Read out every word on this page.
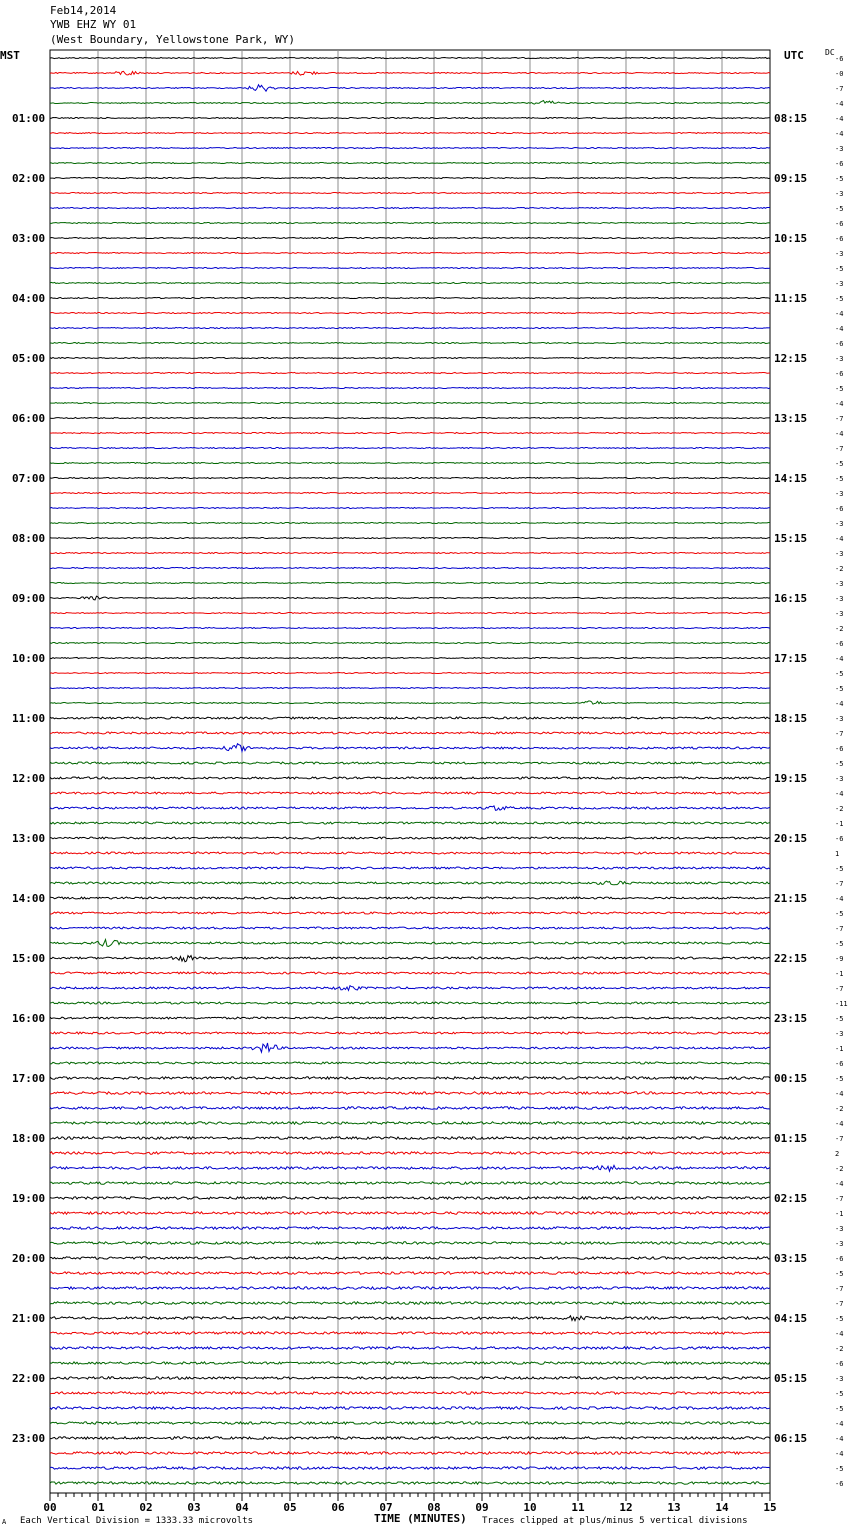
Feb14,2014
YWB EHZ WY 01
(West Boundary, Yellowstone Park, WY)
MST	UTC	DC
-6
-0
-7
-4
-4
-4
-3
-6
-5
-3
-5
-6
-6
-3
-5
-3
-5
-4
-4
-6
-3
-6
-5
-4
-7
-4
-7
-5
-5
-3
-6
-3
-4
-3
-2
-3
-3
-3
-2
-6
-4
-5
-5
-4
-3
-7
-6
-5
-3
-4
-2
-1
-6
1
-5
-7
-4
-5
-7
-5
-9
-1
-7
-11
-5
-3
-1
-6
-5
-4
-2
-4
-7
2
-2
-4
-7
-1
-3
-3
-6
-5
-7
-7
-5
-4
-2
-6
-3
-5
-5
-4
-4
-4
-5
-6
01:00
02:00
03:00
04:00
05:00
06:00
07:00
08:00
09:00
10:00
11:00
12:00
13:00
14:00
15:00
16:00
17:00
18:00
19:00
20:00
21:00
22:00
23:00
08:15
09:15
10:15
11:15
12:15
13:15
14:15
15:15
16:15
17:15
18:15
19:15
20:15
21:15
22:15
23:15
00:15
01:15
02:15
03:15
04:15
05:15
06:15
00	01	02	03	04	05	06	07	08	09	10	11	12	13	14	15
A Each Vertical Division = 1333.33 microvolts	TIME (MINUTES) Traces clipped at plus/minus 5 vertical divisions
